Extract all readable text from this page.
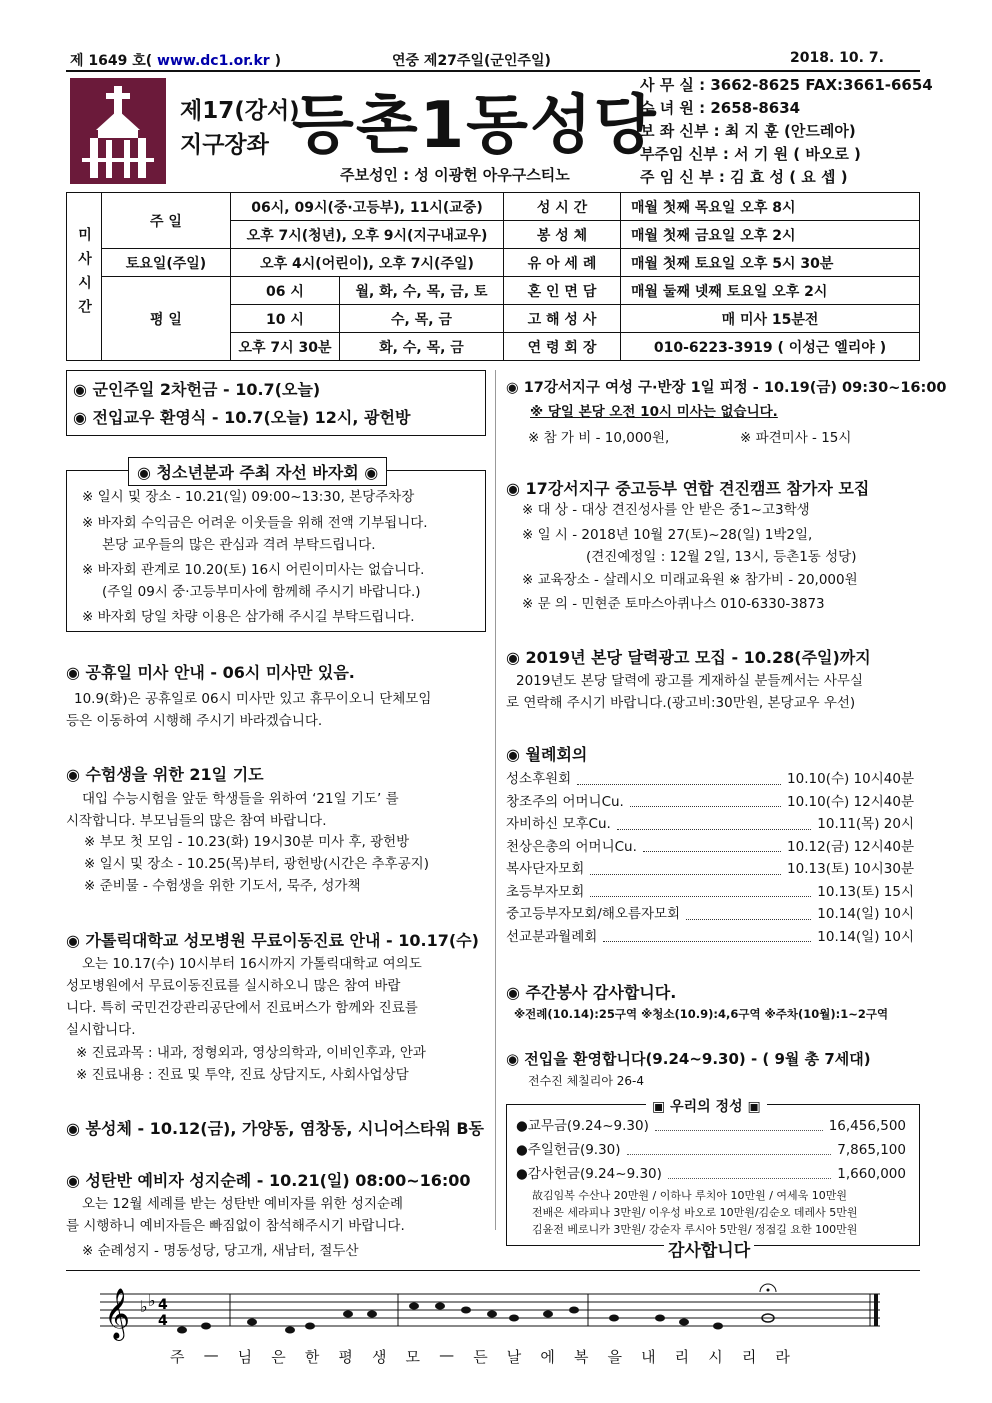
제 1649 호( www.dc1.or.kr )	연중 제27주일(군인주일)	2018. 10. 7.
제17(강서)
지구장좌 등촌1동성당
주보성인 : 성 이광헌 아우구스티노
사 무 실 : 3662-8625 FAX:3661-6654
수 녀 원 : 2658-8634
보 좌 신부 : 최 지 훈 (안드레아)
부주임 신부 : 서 기 원 ( 바오로 )
주 임 신 부 : 김 효 성 ( 요 셉 )
미사시간	주 일	06시, 09시(중·고등부), 11시(교중)		성 시 간	매월 첫째 목요일 오후 8시
		오후 7시(청년), 오후 9시(지구내교우)		봉 성 체	매월 첫째 금요일 오후 2시
	토요일(주일)	오후 4시(어린이), 오후 7시(주일)		유 아 세 례	매월 첫째 토요일 오후 5시 30분
	평 일	06 시	월, 화, 수, 목, 금, 토	혼 인 면 담	매월 둘째 넷째 토요일 오후 2시
		10 시	수, 목, 금	고 해 성 사	매 미사 15분전
		오후 7시 30분	화, 수, 목, 금	연 령 회 장	010-6223-3919 ( 이성근 엘리야 )
◉ 군인주일 2차헌금 - 10.7(오늘)
◉ 전입교우 환영식 - 10.7(오늘) 12시, 광헌방
◉ 청소년분과 주최 자선 바자회 ◉
※ 일시 및 장소 - 10.21(일) 09:00~13:30, 본당주차장
※ 바자회 수익금은 어려운 이웃들을 위해 전액 기부됩니다.
본당 교우들의 많은 관심과 격려 부탁드립니다.
※ 바자회 관계로 10.20(토) 16시 어린이미사는 없습니다.
(주일 09시 중·고등부미사에 함께해 주시기 바랍니다.)
※ 바자회 당일 차량 이용은 삼가해 주시길 부탁드립니다.
◉ 공휴일 미사 안내 - 06시 미사만 있음.
10.9(화)은 공휴일로 06시 미사만 있고 휴무이오니 단체모임
등은 이동하여 시행해 주시기 바라겠습니다.
◉ 수험생을 위한 21일 기도
대입 수능시험을 앞둔 학생들을 위하여 ‘21일 기도’ 를
시작합니다. 부모님들의 많은 참여 바랍니다.
※ 부모 첫 모임 - 10.23(화) 19시30분 미사 후, 광헌방
※ 일시 및 장소 - 10.25(목)부터, 광헌방(시간은 추후공지)
※ 준비물 - 수험생을 위한 기도서, 묵주, 성가책
◉ 가톨릭대학교 성모병원 무료이동진료 안내 - 10.17(수)
오는 10.17(수) 10시부터 16시까지 가톨릭대학교 여의도
성모병원에서 무료이동진료를 실시하오니 많은 참여 바랍
니다. 특히 국민건강관리공단에서 진료버스가 함께와 진료를
실시합니다.
※ 진료과목 : 내과, 정형외과, 영상의학과, 이비인후과, 안과
※ 진료내용 : 진료 및 투약, 진료 상담지도, 사회사업상담
◉ 봉성체 - 10.12(금), 가양동, 염창동, 시니어스타워 B동
◉ 성탄반 예비자 성지순례 - 10.21(일) 08:00~16:00
오는 12월 세례를 받는 성탄반 예비자를 위한 성지순례
를 시행하니 예비자들은 빠짐없이 참석해주시기 바랍니다.
※ 순례성지 - 명동성당, 당고개, 새남터, 절두산
◉ 17강서지구 여성 구·반장 1일 피정 - 10.19(금) 09:30~16:00
※ 당일 본당 오전 10시 미사는 없습니다.
※ 참 가 비 - 10,000원,	※ 파견미사 - 15시
◉ 17강서지구 중고등부 연합 견진캠프 참가자 모집
※ 대 상 - 대상 견진성사를 안 받은 중1~고3학생
※ 일 시 - 2018년 10월 27(토)~28(일) 1박2일,
(견진예정일 : 12월 2일, 13시, 등촌1동 성당)
※ 교육장소 - 살레시오 미래교육원 ※ 참가비 - 20,000원
※ 문 의 - 민현준 토마스아퀴나스 010-6330-3873
◉ 2019년 본당 달력광고 모집 - 10.28(주일)까지
2019년도 본당 달력에 광고를 게재하실 분들께서는 사무실
로 연락해 주시기 바랍니다.(광고비:30만원, 본당교우 우선)
◉ 월례회의
성소후원회	10.10(수) 10시40분
창조주의 어머니Cu.	10.10(수) 12시40분
자비하신 모후Cu.	10.11(목) 20시
천상은총의 어머니Cu.	10.12(금) 12시40분
복사단자모회	10.13(토) 10시30분
초등부자모회	10.13(토) 15시
중고등부자모회/해오름자모회	10.14(일) 10시
선교분과월례회	10.14(일) 10시
◉ 주간봉사 감사합니다.
※전례(10.14):25구역 ※청소(10.9):4,6구역 ※주차(10월):1~2구역
◉ 전입을 환영합니다(9.24~9.30) - ( 9월 총 7세대)
전수진 체칠리아 26-4
▣ 우리의 정성 ▣
●교무금(9.24~9.30)	16,456,500
●주일헌금(9.30)	7,865,100
●감사헌금(9.24~9.30)	1,660,000
故김임복 수산나 20만원 / 이하나 루치아 10만원 / 여세욱 10만원
전배은 세라피나 3만원/ 이우성 바오로 10만원/김순오 데레사 5만원
김윤전 베로니카 3만원/ 강순자 루시아 5만원/ 정점길 요한 100만원
감사합니다
𝄞 ♭ ♭ 4
4
주 — 님 은 한 평 생 모 — 든 날 에 복 을 내 리 시 리 라
